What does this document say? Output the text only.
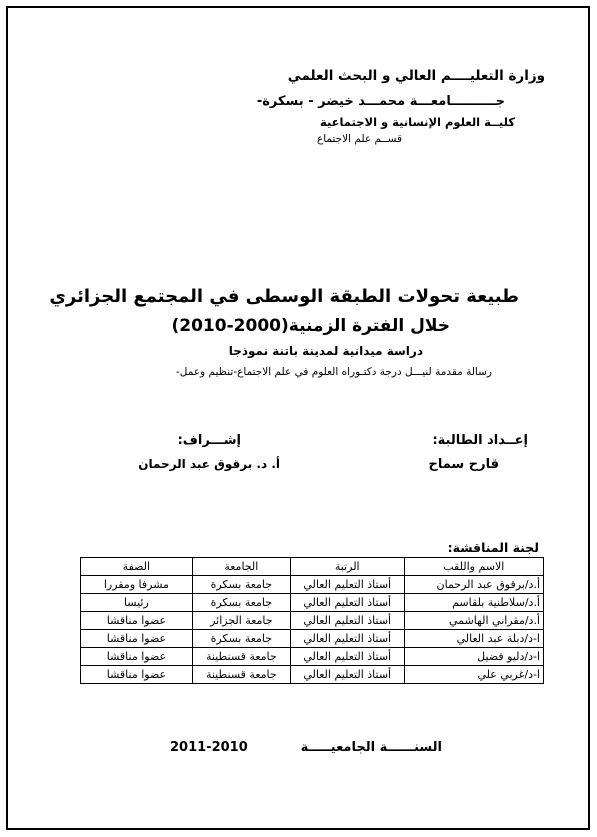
وزارة التعليــــم العالي و البحث العلمي
جــــــــــامعـــة محمـــد خيضر - بسكرة-
كليــة العلوم الإنسانية و الاجتماعية
قســم علم الاجتماع
طبيعة تحولات الطبقة الوسطى في المجتمع الجزائري
خلال الفترة الزمنية(2000-2010)
دراسة ميدانية لمدينة باتنة نموذجا
رسالة مقدمة لنيـــل درجة دكتـوراه العلوم في علم الاجتماع-تنظيم وعمل-
إعــداد الطالبة:
إشـــراف:
قارح سماح
أ. د. برقوق عبد الرحمان
لجنة المناقشة:
الاسم واللقب	الرتبة	الجامعة	الصفة
أ.د/برقوق عبد الرحمان	أستاذ التعليم العالي	جامعة بسكرة	مشرفا ومقررا
أ.د/سلاطنية بلقاسم	أستاذ التعليم العالي	جامعة بسكرة	رئيسا
أ.د/مقراني الهاشمي	أستاذ التعليم العالي	جامعة الجزائر	عضوا مناقشا
ا-د/دبلة عبد العالي	أستاذ التعليم العالي	جامعة بسكرة	عضوا مناقشا
ا-د/دليو فضيل	أستاذ التعليم العالي	جامعة قسنطينة	عضوا مناقشا
ا-د/غربي علي	أستاذ التعليم العالي	جامعة قسنطينة	عضوا مناقشا
السنــــــة الجامعيـــــة
2011-2010
